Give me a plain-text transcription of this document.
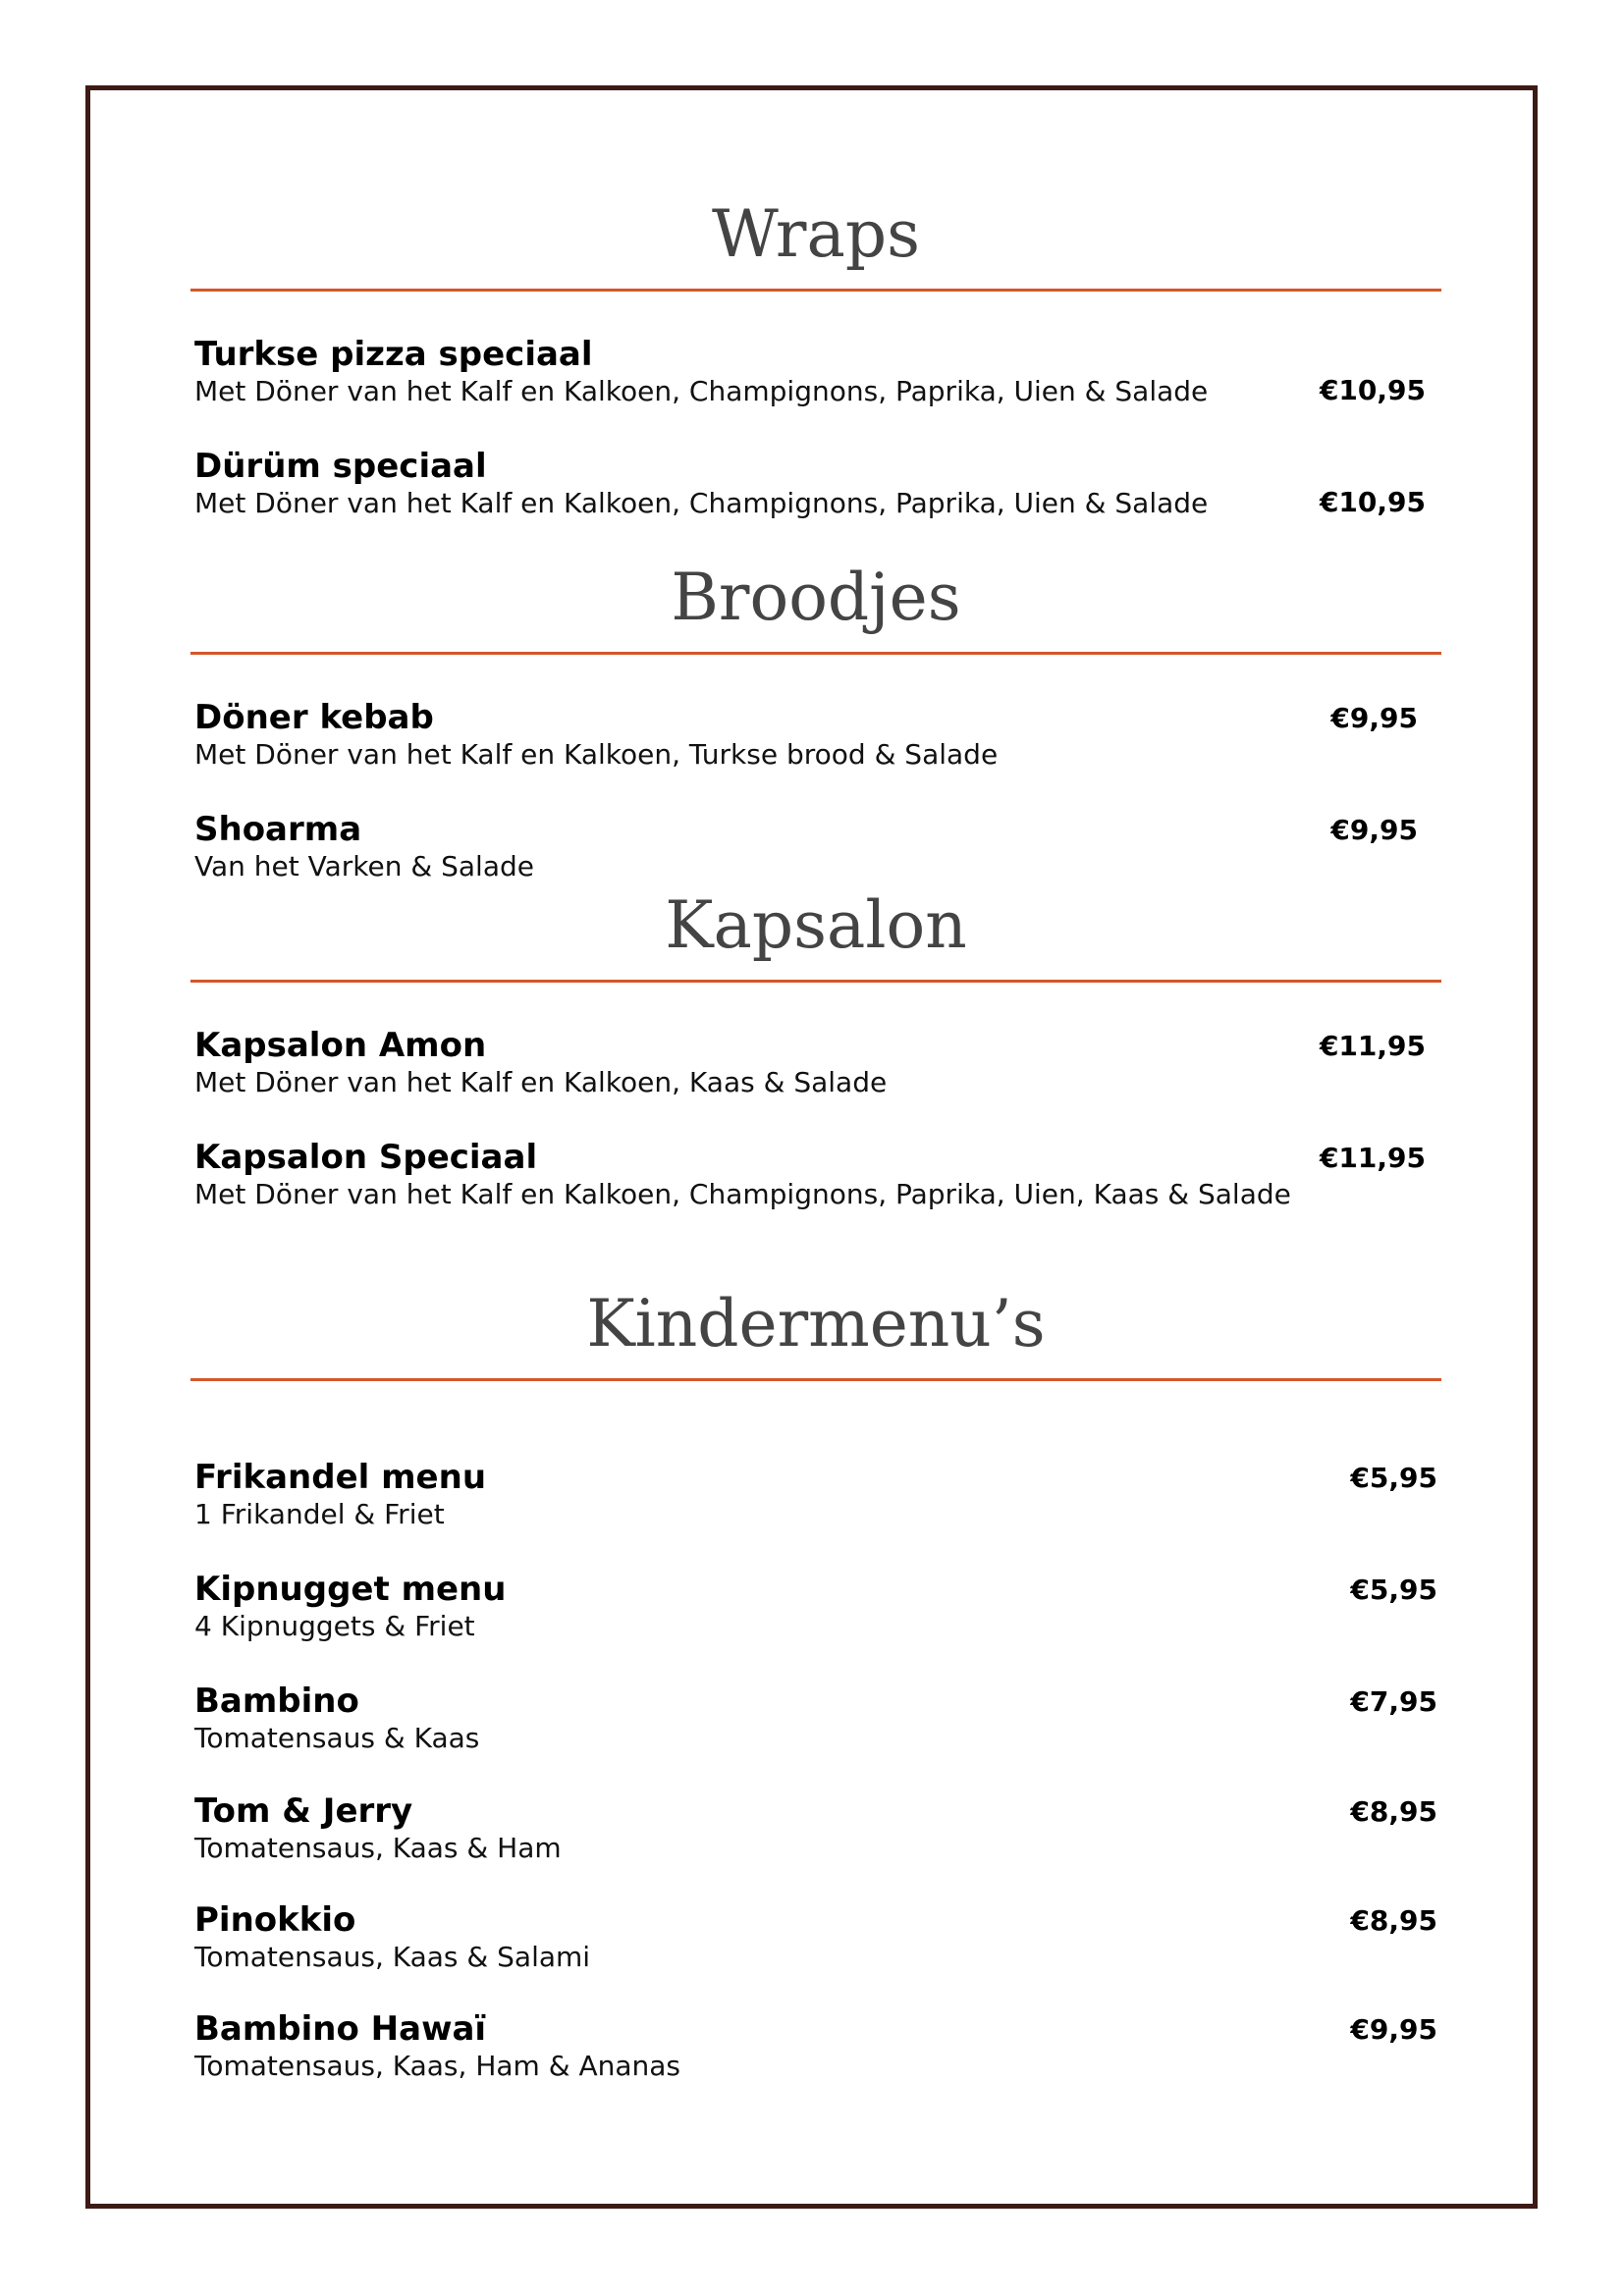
Wraps
Turkse pizza speciaal
Met Döner van het Kalf en Kalkoen, Champignons, Paprika, Uien & Salade	€10,95
Dürüm speciaal
Met Döner van het Kalf en Kalkoen, Champignons, Paprika, Uien & Salade	€10,95
Broodjes
Döner kebab
Met Döner van het Kalf en Kalkoen, Turkse brood & Salade
€9,95
Shoarma
Van het Varken & Salade
€9,95
Kapsalon
Kapsalon Amon
Met Döner van het Kalf en Kalkoen, Kaas & Salade
€11,95
Kapsalon Speciaal
Met Döner van het Kalf en Kalkoen, Champignons, Paprika, Uien, Kaas & Salade
€11,95
Kindermenu’s
Frikandel menu
1 Frikandel & Friet
€5,95
Kipnugget menu
4 Kipnuggets & Friet
€5,95
Bambino
Tomatensaus & Kaas
€7,95
Tom & Jerry
Tomatensaus, Kaas & Ham
€8,95
Pinokkio
Tomatensaus, Kaas & Salami
€8,95
Bambino Hawaï
Tomatensaus, Kaas, Ham & Ananas
€9,95
